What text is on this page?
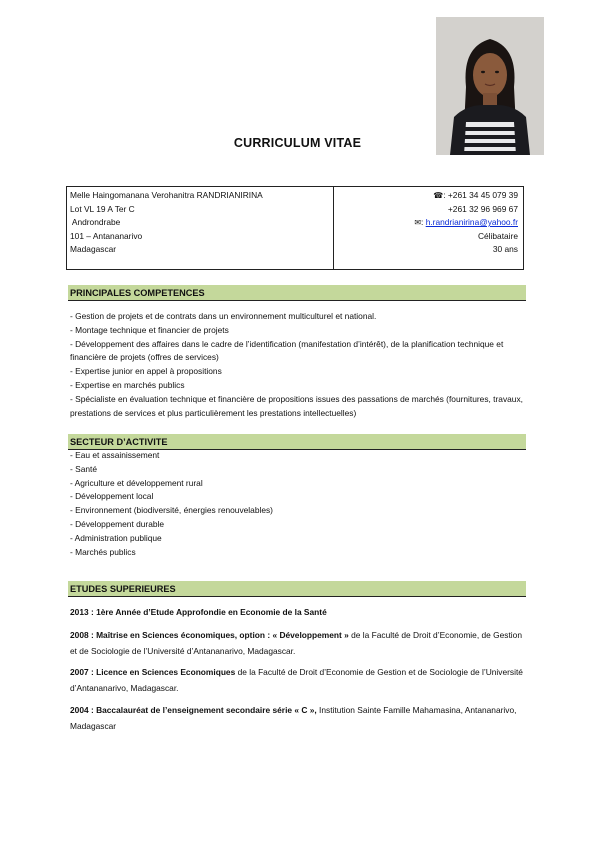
CURRICULUM VITAE
Melle Haingomanana Verohanitra RANDRIANIRINA
Lot VL 19 A Ter C
Androndrabe
101 – Antananarivo
Madagascar
☎: +261 34 45 079 39
+261 32 96 969 67
✉: h.randrianirina@yahoo.fr
Célibataire
30 ans
PRINCIPALES COMPETENCES
- Gestion de projets et de contrats dans un environnement multiculturel et national.
- Montage technique et financier de projets
- Développement des affaires dans le cadre de l’identification (manifestation d’intérêt), de la planification technique et financière de projets (offres de services)
- Expertise junior en appel à propositions
- Expertise en marchés publics
- Spécialiste en évaluation technique et financière de propositions issues des passations de marchés (fournitures, travaux, prestations de services et plus particulièrement les prestations intellectuelles)
SECTEUR D’ACTIVITE
- Eau et assainissement
- Santé
- Agriculture et développement rural
- Développement local
- Environnement (biodiversité, énergies renouvelables)
- Développement durable
- Administration publique
- Marchés publics
ETUDES SUPERIEURES
2013 : 1ère Année d’Etude Approfondie en Economie de la Santé
2008 : Maîtrise en Sciences économiques, option : « Développement » de la Faculté de Droit d’Economie, de Gestion et de Sociologie de l’Université d’Antananarivo, Madagascar.
2007 : Licence en Sciences Economiques de la Faculté de Droit d’Economie de Gestion et de Sociologie de l’Université d’Antananarivo, Madagascar.
2004 : Baccalauréat de l’enseignement secondaire série « C », Institution Sainte Famille Mahamasina, Antananarivo, Madagascar
